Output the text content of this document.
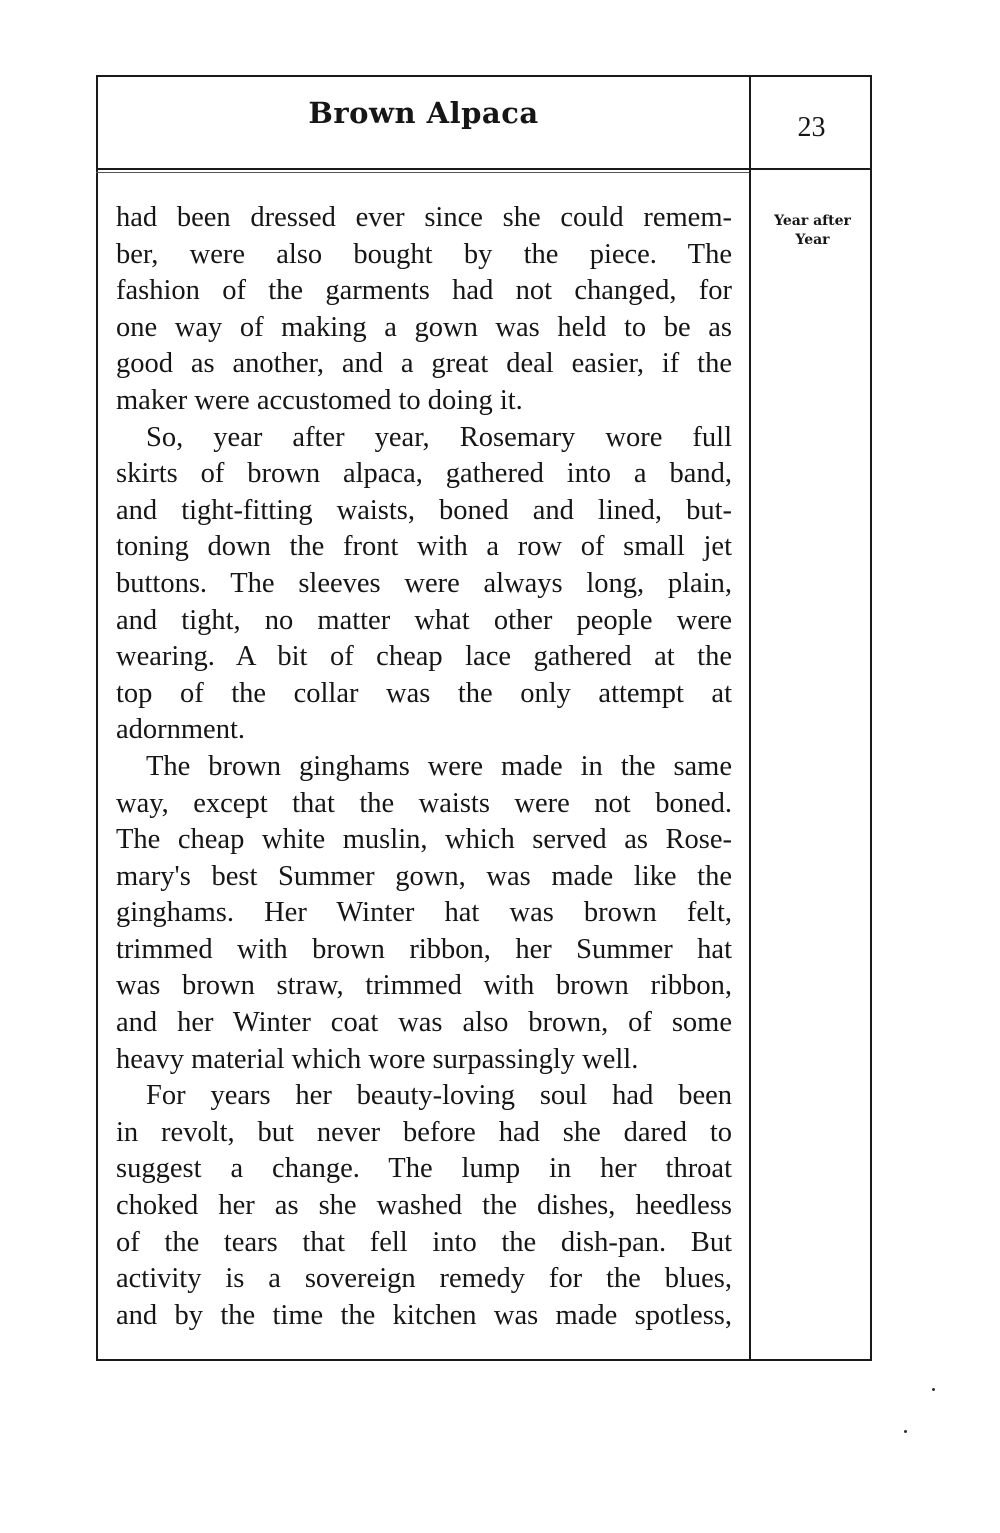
Brown Alpaca	23
Year after
Year
had been dressed ever since she could remem-
ber, were also bought by the piece. The
fashion of the garments had not changed, for
one way of making a gown was held to be as
good as another, and a great deal easier, if the
maker were accustomed to doing it.
So, year after year, Rosemary wore full
skirts of brown alpaca, gathered into a band,
and tight-fitting waists, boned and lined, but-
toning down the front with a row of small jet
buttons. The sleeves were always long, plain,
and tight, no matter what other people were
wearing. A bit of cheap lace gathered at the
top of the collar was the only attempt at
adornment.
The brown ginghams were made in the same
way, except that the waists were not boned.
The cheap white muslin, which served as Rose-
mary's best Summer gown, was made like the
ginghams. Her Winter hat was brown felt,
trimmed with brown ribbon, her Summer hat
was brown straw, trimmed with brown ribbon,
and her Winter coat was also brown, of some
heavy material which wore surpassingly well.
For years her beauty-loving soul had been
in revolt, but never before had she dared to
suggest a change. The lump in her throat
choked her as she washed the dishes, heedless
of the tears that fell into the dish-pan. But
activity is a sovereign remedy for the blues,
and by the time the kitchen was made spotless,
